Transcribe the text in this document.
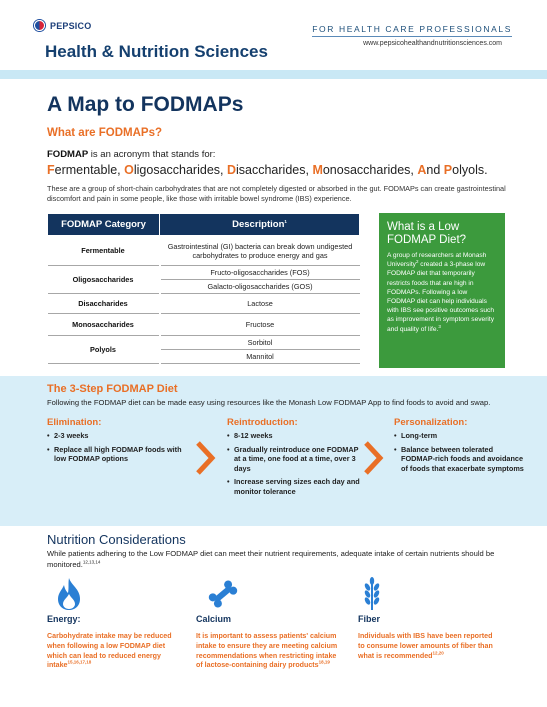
PEPSICO
Health & Nutrition Sciences
FOR HEALTH CARE PROFESSIONALS
www.pepsicohealthandnutritionsciences.com
A Map to FODMAPs
What are FODMAPs?
FODMAP is an acronym that stands for:
Fermentable, Oligosaccharides, Disaccharides, Monosaccharides, And Polyols.
These are a group of short-chain carbohydrates that are not completely digested or absorbed in the gut. FODMAPs can create gastrointestinal discomfort and pain in some people, like those with irritable bowel syndrome (IBS) experience.
FODMAP Category	Description$^1$
Fermentable	Gastrointestinal (GI) bacteria can break down undigested carbohydrates to produce energy and gas
Oligosaccharides	Fructo-oligosaccharides (FOS)
	Galacto-oligosaccharides (GOS)
Disaccharides	Lactose
Monosaccharides	Fructose
Polyols	Sorbitol
	Mannitol
What is a Low FODMAP Diet?
A group of researchers at Monash University$^2$ created a 3-phase low FODMAP diet that temporarily restricts foods that are high in FODMAPs. Following a low FODMAP diet can help individuals with IBS see positive outcomes such as improvement in symptom severity and quality of life.$^3$
The 3-Step FODMAP Diet
Following the FODMAP diet can be made easy using resources like the Monash Low FODMAP App to find foods to avoid and swap.
Elimination:
• 2-3 weeks
• Replace all high FODMAP foods with low FODMAP options
Reintroduction:
• 8-12 weeks
• Gradually reintroduce one FODMAP at a time, one food at a time, over 3 days
• Increase serving sizes each day and monitor tolerance
Personalization:
• Long-term
• Balance between tolerated FODMAP-rich foods and avoidance of foods that exacerbate symptoms
Nutrition Considerations
While patients adhering to the Low FODMAP diet can meet their nutrient requirements, adequate intake of certain nutrients should be monitored.$^{12,13,14}$
Energy:	Calcium	Fiber
Carbohydrate intake may be reduced when following a low FODMAP diet which can lead to reduced energy intake$^{15,16,17,18}$
It is important to assess patients' calcium intake to ensure they are meeting calcium recommendations when restricting intake of lactose-containing dairy products$^{18,19}$
Individuals with IBS have been reported to consume lower amounts of fiber than what is recommended$^{12,20}$
